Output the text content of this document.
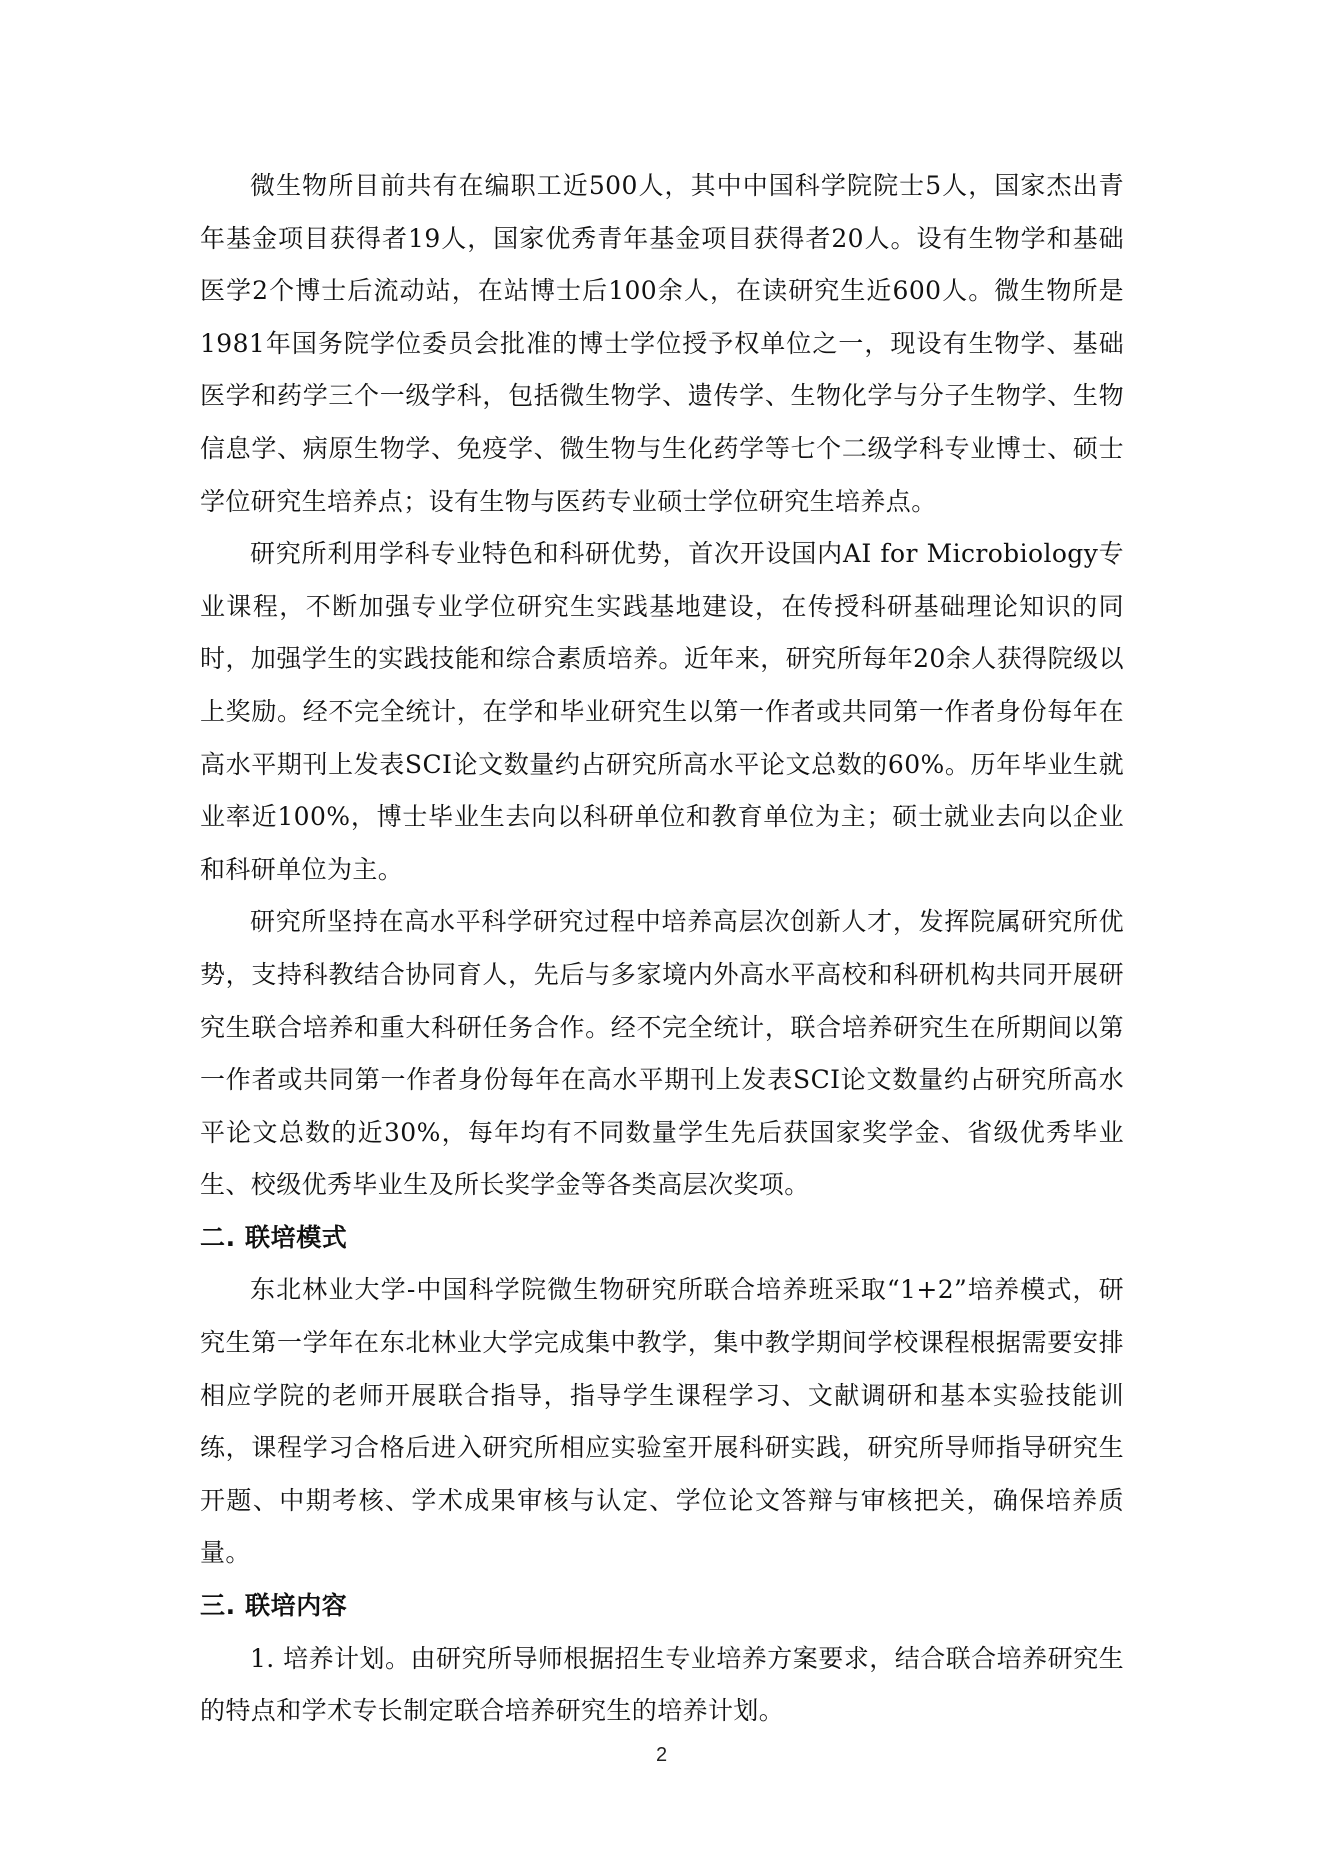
微生物所目前共有在编职工近500人，其中中国科学院院士5人，国家杰出青年基金项目获得者19人，国家优秀青年基金项目获得者20人。设有生物学和基础医学2个博士后流动站，在站博士后100余人，在读研究生近600人。微生物所是1981年国务院学位委员会批准的博士学位授予权单位之一，现设有生物学、基础医学和药学三个一级学科，包括微生物学、遗传学、生物化学与分子生物学、生物信息学、病原生物学、免疫学、微生物与生化药学等七个二级学科专业博士、硕士学位研究生培养点；设有生物与医药专业硕士学位研究生培养点。

研究所利用学科专业特色和科研优势，首次开设国内AI for Microbiology专业课程，不断加强专业学位研究生实践基地建设，在传授科研基础理论知识的同时，加强学生的实践技能和综合素质培养。近年来，研究所每年20余人获得院级以上奖励。经不完全统计，在学和毕业研究生以第一作者或共同第一作者身份每年在高水平期刊上发表SCI论文数量约占研究所高水平论文总数的60%。历年毕业生就业率近100%，博士毕业生去向以科研单位和教育单位为主；硕士就业去向以企业和科研单位为主。

研究所坚持在高水平科学研究过程中培养高层次创新人才，发挥院属研究所优势，支持科教结合协同育人，先后与多家境内外高水平高校和科研机构共同开展研究生联合培养和重大科研任务合作。经不完全统计，联合培养研究生在所期间以第一作者或共同第一作者身份每年在高水平期刊上发表SCI论文数量约占研究所高水平论文总数的近30%，每年均有不同数量学生先后获国家奖学金、省级优秀毕业生、校级优秀毕业生及所长奖学金等各类高层次奖项。

二. 联培模式

东北林业大学-中国科学院微生物研究所联合培养班采取“1+2”培养模式，研究生第一学年在东北林业大学完成集中教学，集中教学期间学校课程根据需要安排相应学院的老师开展联合指导，指导学生课程学习、文献调研和基本实验技能训练，课程学习合格后进入研究所相应实验室开展科研实践，研究所导师指导研究生开题、中期考核、学术成果审核与认定、学位论文答辩与审核把关，确保培养质量。

三. 联培内容

1. 培养计划。由研究所导师根据招生专业培养方案要求，结合联合培养研究生的特点和学术专长制定联合培养研究生的培养计划。

2
